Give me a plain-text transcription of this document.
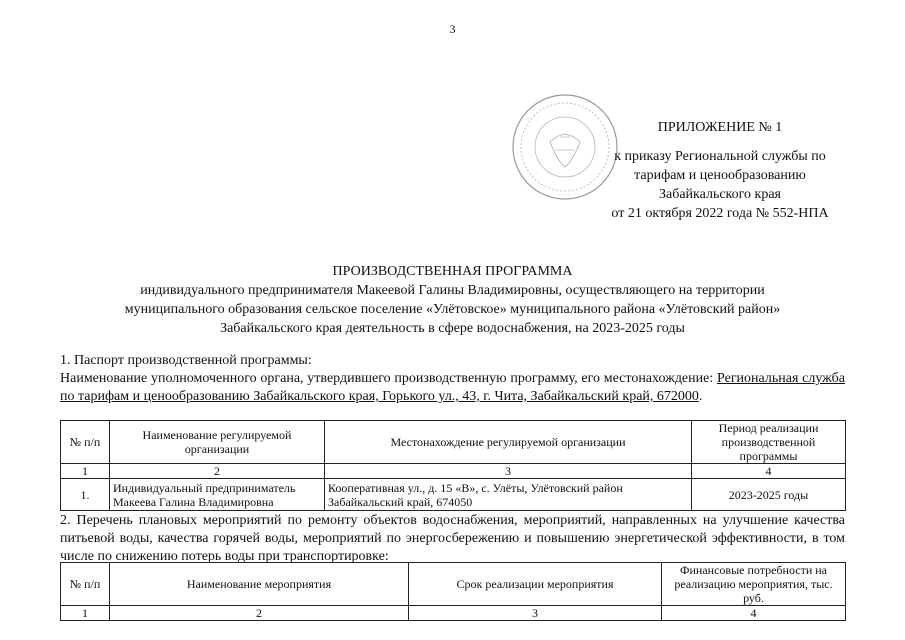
3
ПРИЛОЖЕНИЕ № 1
к приказу Региональной службы по
тарифам и ценообразованию
Забайкальского края
от 21 октября 2022 года № 552-НПА
ПРОИЗВОДСТВЕННАЯ ПРОГРАММА
индивидуального предпринимателя Макеевой Галины Владимировны, осуществляющего на территории
муниципального образования сельское поселение «Улётовское» муниципального района «Улётовский район»
Забайкальского края деятельность в сфере водоснабжения, на 2023-2025 годы
1. Паспорт производственной программы:
Наименование уполномоченного органа, утвердившего производственную программу, его местонахождение: Региональная служба по тарифам и ценообразованию Забайкальского края, Горького ул., 43, г. Чита, Забайкальский край, 672000.
№ п/п	Наименование регулируемой организации	Местонахождение регулируемой организации	Период реализации производственной программы
1	2	3	4
1.	Индивидуальный предприниматель Макеева Галина Владимировна	Кооперативная ул., д. 15 «В», с. Улёты, Улётовский район Забайкальский край, 674050	2023-2025 годы
2. Перечень плановых мероприятий по ремонту объектов водоснабжения, мероприятий, направленных на улучшение качества питьевой воды, качества горячей воды, мероприятий по энергосбережению и повышению энергетической эффективности, в том числе по снижению потерь воды при транспортировке:
№ п/п	Наименование мероприятия	Срок реализации мероприятия	Финансовые потребности на реализацию мероприятия, тыс. руб.
1	2	3	4
